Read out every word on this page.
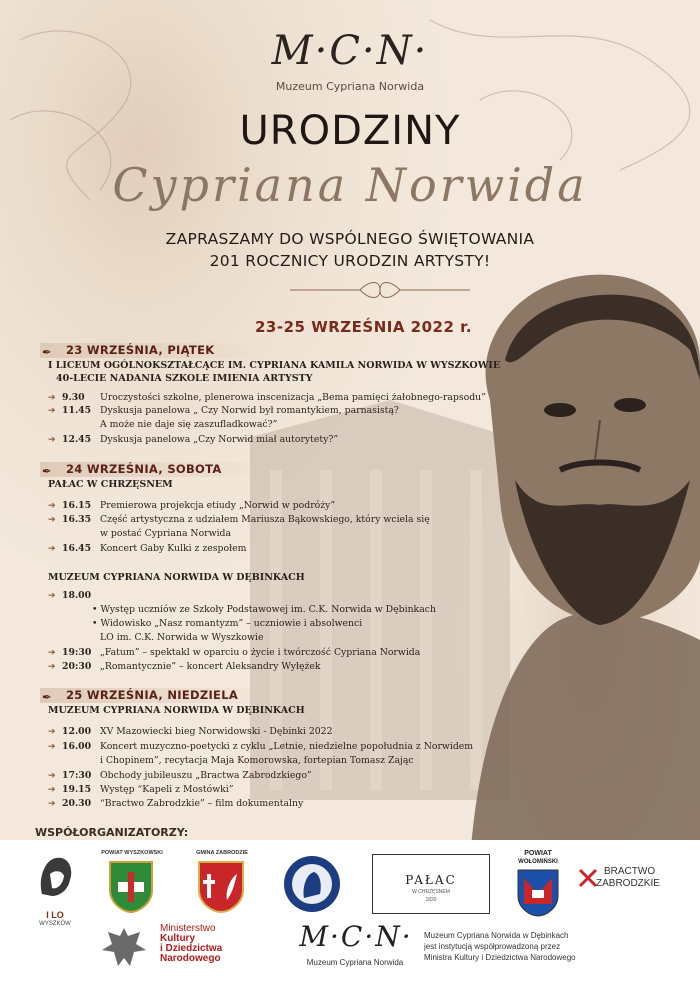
M·C·N·
Muzeum Cypriana Norwida
URODZINY
Cypriana Norwida
ZAPRASZAMY DO WSPÓLNEGO ŚWIĘTOWANIA
201 ROCZNICY URODZIN ARTYSTY!
23-25 WRZEŚNIA 2022 r.
✒ 23 WRZEŚNIA, PIĄTEK
I LICEUM OGÓLNOKSZTAŁCĄCE IM. CYPRIANA KAMILA NORWIDA W WYSZKOWIE
40-LECIE NADANIA SZKOLE IMIENIA ARTYSTY
➔ 9.30 Uroczystości szkolne, plenerowa inscenizacja „Bema pamięci żałobnego-rapsodu”
➔ 11.45 Dyskusja panelowa „ Czy Norwid był romantykiem, parnasistą?
A może nie daje się zaszufladkować?”
➔ 12.45 Dyskusja panelowa „Czy Norwid miał autorytety?”
✒ 24 WRZEŚNIA, SOBOTA
PAŁAC W CHRZĘSNEM
➔ 16.15 Premierowa projekcja etiudy „Norwid w podróży”
➔ 16.35 Część artystyczna z udziałem Mariusza Bąkowskiego, który wciela się
w postać Cypriana Norwida
➔ 16.45 Koncert Gaby Kulki z zespołem
MUZEUM CYPRIANA NORWIDA W DĘBINKACH
➔ 18.00
• Występ uczniów ze Szkoły Podstawowej im. C.K. Norwida w Dębinkach
• Widowisko „Nasz romantyzm” – uczniowie i absolwenci
LO im. C.K. Norwida w Wyszkowie
➔ 19:30 „Fatum” – spektakl w oparciu o życie i twórczość Cypriana Norwida
➔ 20:30 „Romantycznie” – koncert Aleksandry Wyłężek
✒ 25 WRZEŚNIA, NIEDZIELA
MUZEUM CYPRIANA NORWIDA W DĘBINKACH
➔ 12.00 XV Mazowiecki bieg Norwidowski - Dębinki 2022
➔ 16.00 Koncert muzyczno-poetycki z cyklu „Letnie, niedzielne popołudnia z Norwidem
i Chopinem”, recytacja Maja Komorowska, fortepian Tomasz Zając
➔ 17:30 Obchody jubileuszu „Bractwa Zabrodzkiego”
➔ 19.15 Występ “Kapeli z Mostówki”
➔ 20.30 “Bractwo Zabrodzkie” – film dokumentalny
WSPÓŁORGANIZATORZY:
I LO
WYSZKÓW
POWIAT WYSZKOWSKI	GMINA ZABRODZIE
PAŁAC
W CHRZĘSNEM
1820
POWIAT
WOŁOMIŃSKI
BRACTWO
ZABRODZKIE
Ministerstwo
Kultury
i Dziedzictwa
Narodowego
M·C·N·
Muzeum Cypriana Norwida
Muzeum Cypriana Norwida w Dębinkach
jest instytucją współprowadzoną przez
Ministra Kultury i Dziedzictwa Narodowego
